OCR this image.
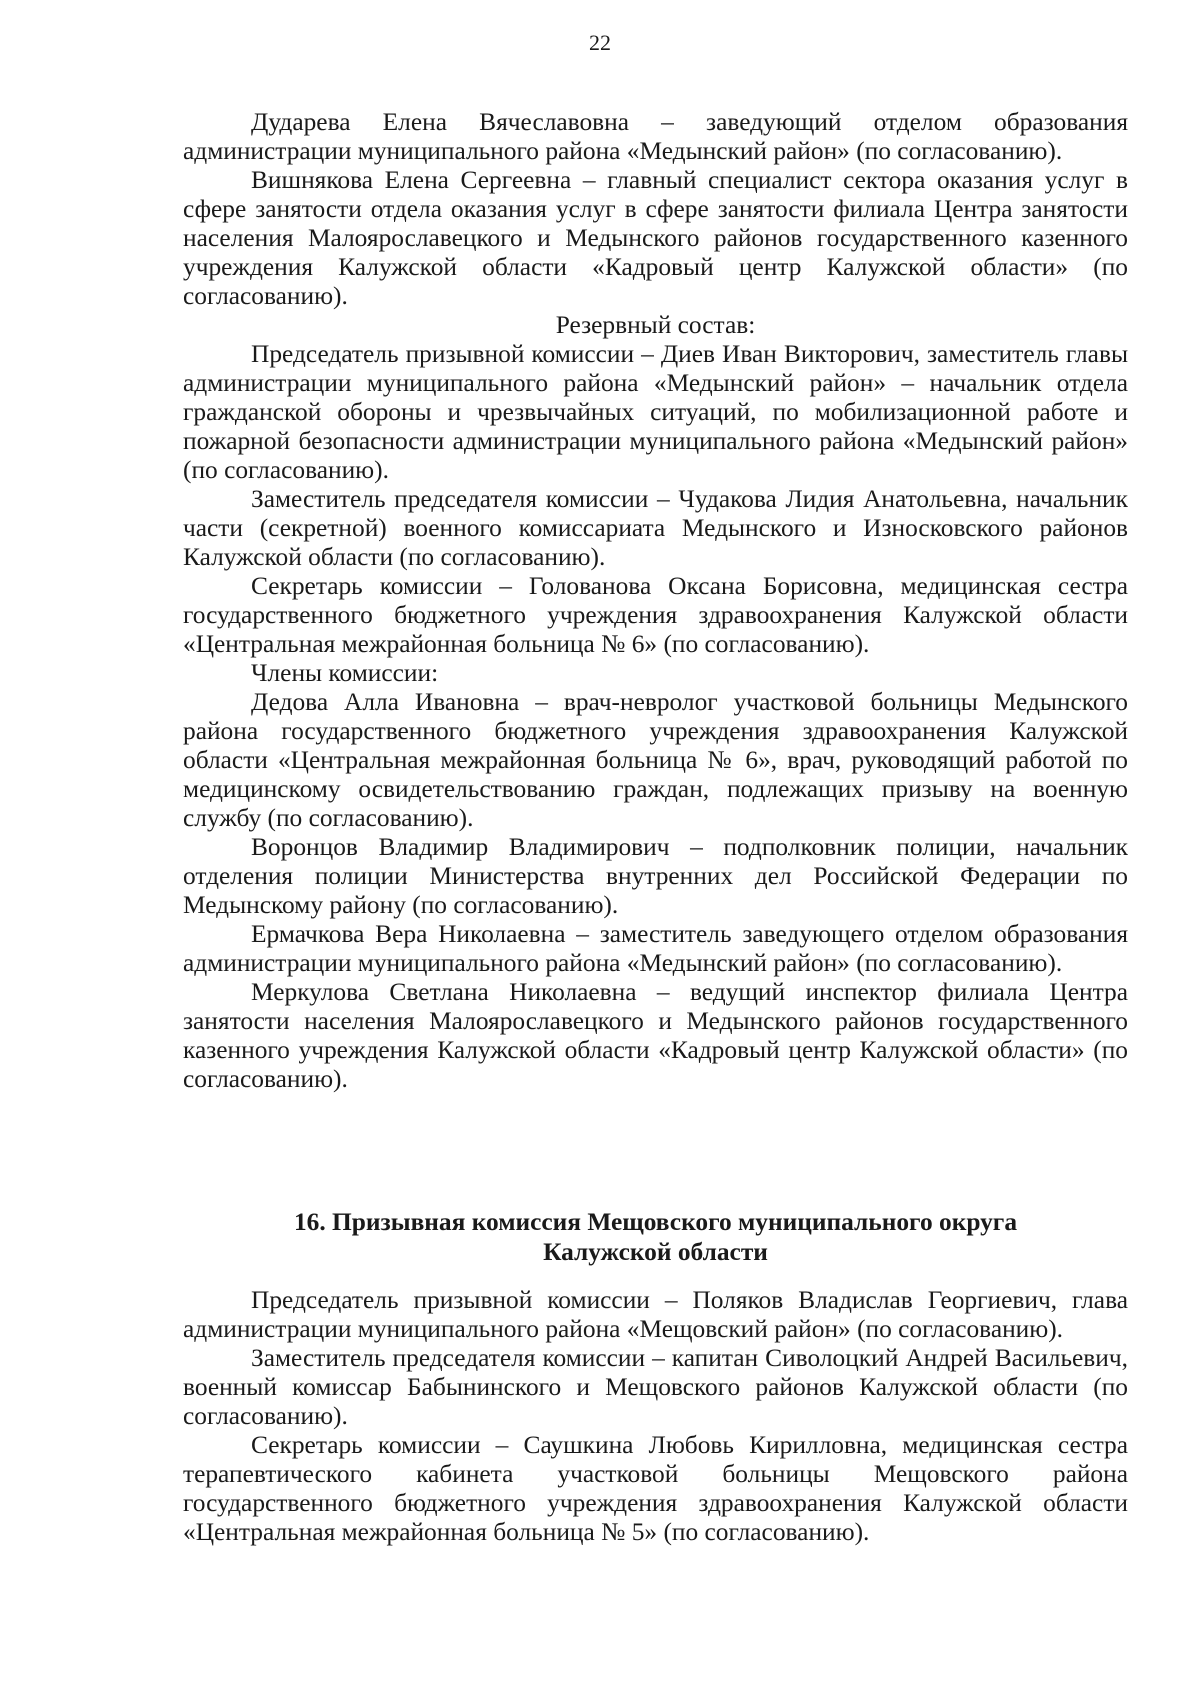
22

Дударева Елена Вячеславовна – заведующий отделом образования администрации муниципального района «Медынский район» (по согласованию).

Вишнякова Елена Сергеевна – главный специалист сектора оказания услуг в сфере занятости отдела оказания услуг в сфере занятости филиала Центра занятости населения Малоярославецкого и Медынского районов государственного казенного учреждения Калужской области «Кадровый центр Калужской области» (по согласованию).

Резервный состав:

Председатель призывной комиссии – Диев Иван Викторович, заместитель главы администрации муниципального района «Медынский район» – начальник отдела гражданской обороны и чрезвычайных ситуаций, по мобилизационной работе и пожарной безопасности администрации муниципального района «Медынский район» (по согласованию).

Заместитель председателя комиссии – Чудакова Лидия Анатольевна, начальник части (секретной) военного комиссариата Медынского и Износковского районов Калужской области (по согласованию).

Секретарь комиссии – Голованова Оксана Борисовна, медицинская сестра государственного бюджетного учреждения здравоохранения Калужской области «Центральная межрайонная больница № 6» (по согласованию).

Члены комиссии:

Дедова Алла Ивановна – врач-невролог участковой больницы Медынского района государственного бюджетного учреждения здравоохранения Калужской области «Центральная межрайонная больница № 6», врач, руководящий работой по медицинскому освидетельствованию граждан, подлежащих призыву на военную службу (по согласованию).

Воронцов Владимир Владимирович – подполковник полиции, начальник отделения полиции Министерства внутренних дел Российской Федерации по Медынскому району (по согласованию).

Ермачкова Вера Николаевна – заместитель заведующего отделом образования администрации муниципального района «Медынский район» (по согласованию).

Меркулова Светлана Николаевна – ведущий инспектор филиала Центра занятости населения Малоярославецкого и Медынского районов государственного казенного учреждения Калужской области «Кадровый центр Калужской области» (по согласованию).

16. Призывная комиссия Мещовского муниципального округа
Калужской области

Председатель призывной комиссии – Поляков Владислав Георгиевич, глава администрации муниципального района «Мещовский район» (по согласованию).

Заместитель председателя комиссии – капитан Сиволоцкий Андрей Васильевич, военный комиссар Бабынинского и Мещовского районов Калужской области (по согласованию).

Секретарь комиссии – Саушкина Любовь Кирилловна, медицинская сестра терапевтического кабинета участковой больницы Мещовского района государственного бюджетного учреждения здравоохранения Калужской области «Центральная межрайонная больница № 5» (по согласованию).
